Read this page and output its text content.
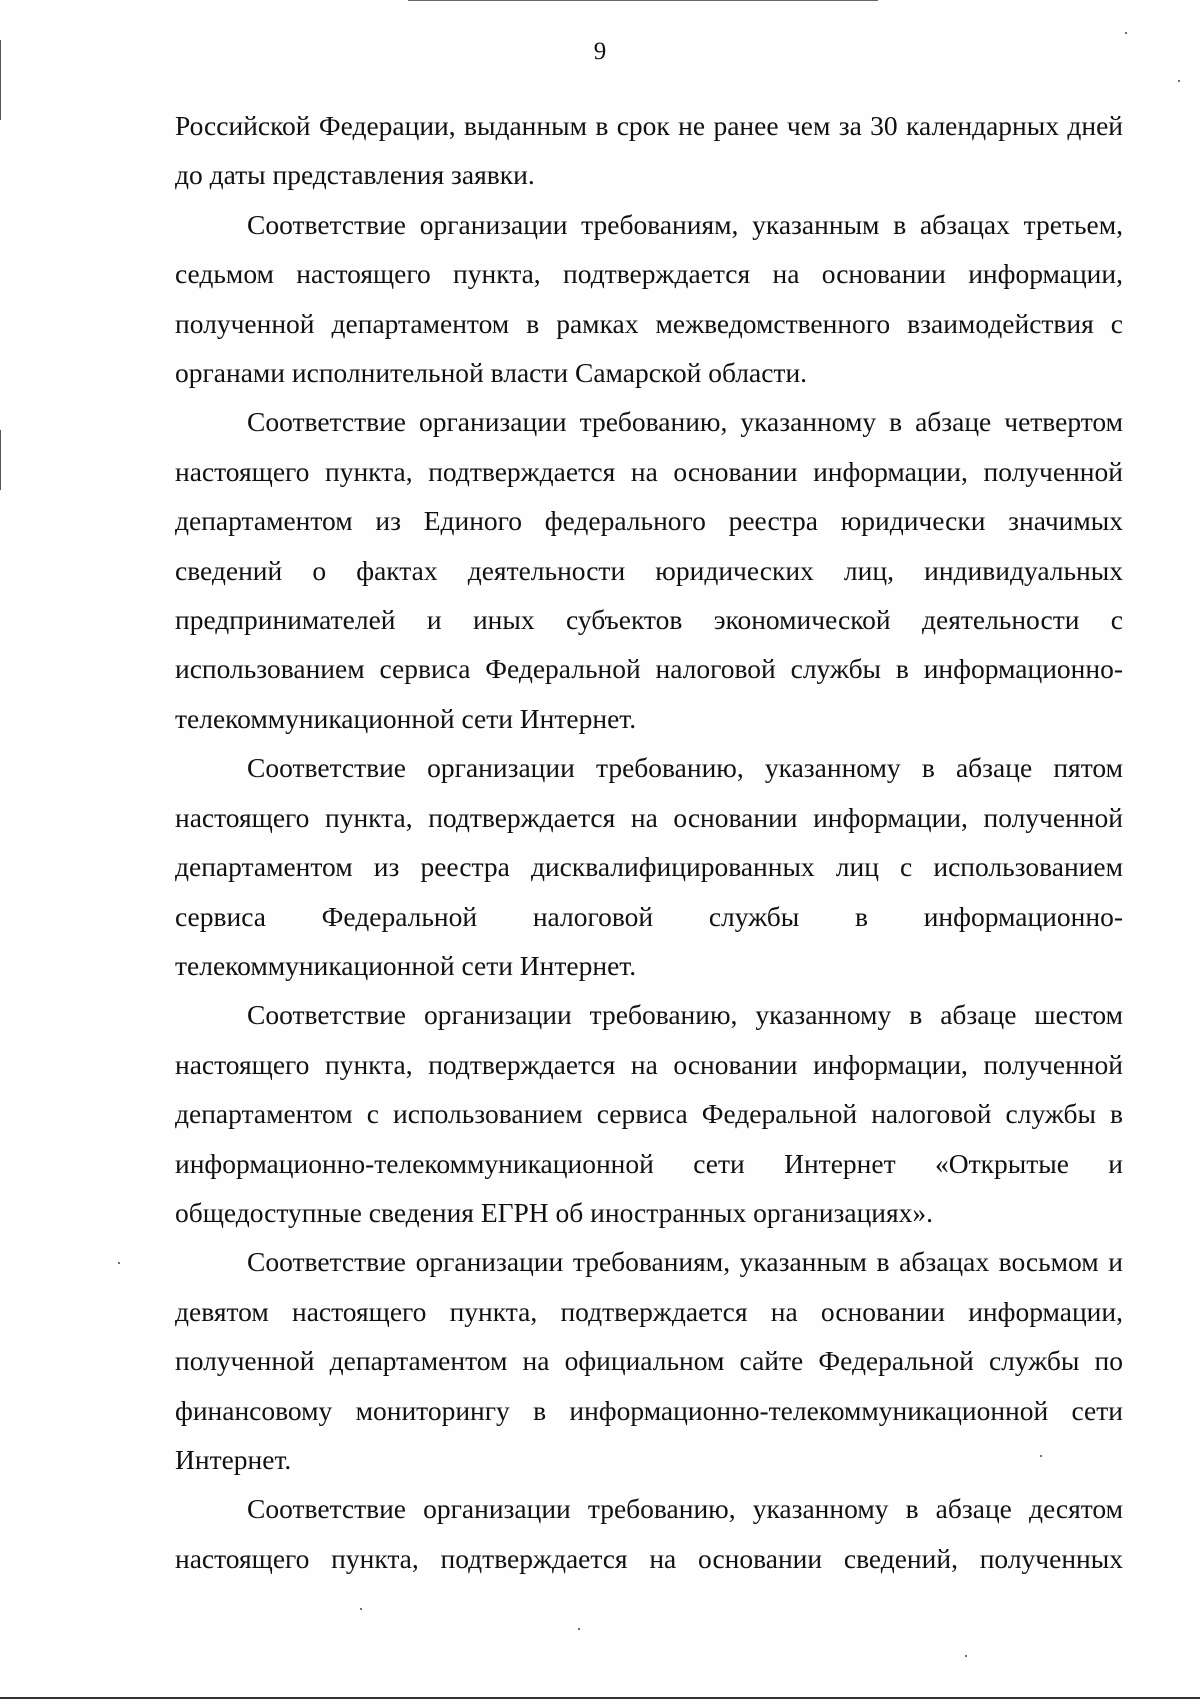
9

Российской Федерации, выданным в срок не ранее чем за 30 календарных дней до даты представления заявки.

Соответствие организации требованиям, указанным в абзацах третьем, седьмом настоящего пункта, подтверждается на основании информации, полученной департаментом в рамках межведомственного взаимодействия с органами исполнительной власти Самарской области.

Соответствие организации требованию, указанному в абзаце четвертом настоящего пункта, подтверждается на основании информации, полученной департаментом из Единого федерального реестра юридически значимых сведений о фактах деятельности юридических лиц, индивидуальных предпринимателей и иных субъектов экономической деятельности с использованием сервиса Федеральной налоговой службы в информационно-телекоммуникационной сети Интернет.

Соответствие организации требованию, указанному в абзаце пятом настоящего пункта, подтверждается на основании информации, полученной департаментом из реестра дисквалифицированных лиц с использованием сервиса Федеральной налоговой службы в информационно-телекоммуникационной сети Интернет.

Соответствие организации требованию, указанному в абзаце шестом настоящего пункта, подтверждается на основании информации, полученной департаментом с использованием сервиса Федеральной налоговой службы в информационно-телекоммуникационной сети Интернет «Открытые и общедоступные сведения ЕГРН об иностранных организациях».

Соответствие организации требованиям, указанным в абзацах восьмом и девятом настоящего пункта, подтверждается на основании информации, полученной департаментом на официальном сайте Федеральной службы по финансовому мониторингу в информационно-телекоммуникационной сети Интернет.

Соответствие организации требованию, указанному в абзаце десятом настоящего пункта, подтверждается на основании сведений, полученных
